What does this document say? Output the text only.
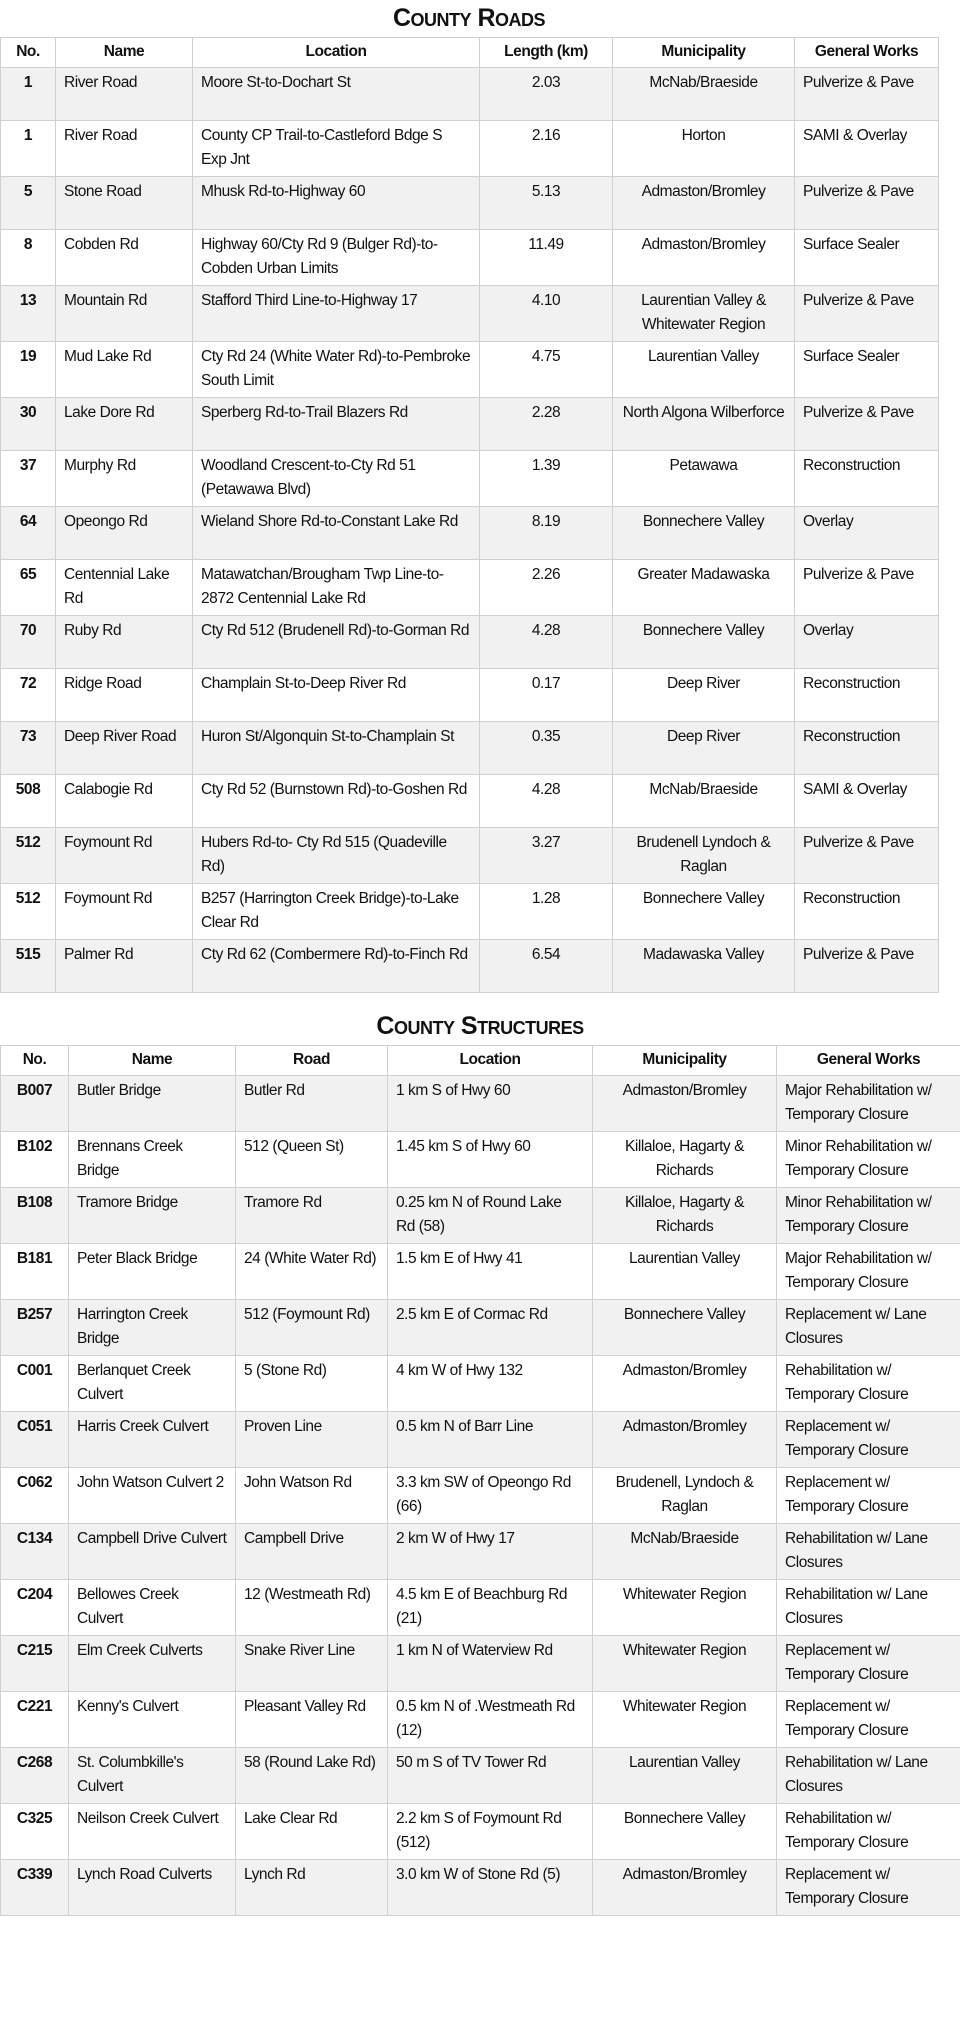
County Roads
No.	Name	Location	Length (km)	Municipality	General Works
1	River Road	Moore St-to-Dochart St	2.03	McNab/Braeside	Pulverize & Pave
1	River Road	County CP Trail-to-Castleford Bdge S Exp Jnt	2.16	Horton	SAMI & Overlay
5	Stone Road	Mhusk Rd-to-Highway 60	5.13	Admaston/Bromley	Pulverize & Pave
8	Cobden Rd	Highway 60/Cty Rd 9 (Bulger Rd)-to-Cobden Urban Limits	11.49	Admaston/Bromley	Surface Sealer
13	Mountain Rd	Stafford Third Line-to-Highway 17	4.10	Laurentian Valley & Whitewater Region	Pulverize & Pave
19	Mud Lake Rd	Cty Rd 24 (White Water Rd)-to-Pembroke South Limit	4.75	Laurentian Valley	Surface Sealer
30	Lake Dore Rd	Sperberg Rd-to-Trail Blazers Rd	2.28	North Algona Wilberforce	Pulverize & Pave
37	Murphy Rd	Woodland Crescent-to-Cty Rd 51 (Petawawa Blvd)	1.39	Petawawa	Reconstruction
64	Opeongo Rd	Wieland Shore Rd-to-Constant Lake Rd	8.19	Bonnechere Valley	Overlay
65	Centennial Lake Rd	Matawatchan/Brougham Twp Line-to-2872 Centennial Lake Rd	2.26	Greater Madawaska	Pulverize & Pave
70	Ruby Rd	Cty Rd 512 (Brudenell Rd)-to-Gorman Rd	4.28	Bonnechere Valley	Overlay
72	Ridge Road	Champlain St-to-Deep River Rd	0.17	Deep River	Reconstruction
73	Deep River Road	Huron St/Algonquin St-to-Champlain St	0.35	Deep River	Reconstruction
508	Calabogie Rd	Cty Rd 52 (Burnstown Rd)-to-Goshen Rd	4.28	McNab/Braeside	SAMI & Overlay
512	Foymount Rd	Hubers Rd-to- Cty Rd 515 (Quadeville Rd)	3.27	Brudenell Lyndoch & Raglan	Pulverize & Pave
512	Foymount Rd	B257 (Harrington Creek Bridge)-to-Lake Clear Rd	1.28	Bonnechere Valley	Reconstruction
515	Palmer Rd	Cty Rd 62 (Combermere Rd)-to-Finch Rd	6.54	Madawaska Valley	Pulverize & Pave
County Structures
No.	Name	Road	Location	Municipality	General Works
B007	Butler Bridge	Butler Rd	1 km S of Hwy 60	Admaston/Bromley	Major Rehabilitation w/ Temporary Closure
B102	Brennans Creek Bridge	512 (Queen St)	1.45 km S of Hwy 60	Killaloe, Hagarty & Richards	Minor Rehabilitation w/ Temporary Closure
B108	Tramore Bridge	Tramore Rd	0.25 km N of Round Lake Rd (58)	Killaloe, Hagarty & Richards	Minor Rehabilitation w/ Temporary Closure
B181	Peter Black Bridge	24 (White Water Rd)	1.5 km E of Hwy 41	Laurentian Valley	Major Rehabilitation w/ Temporary Closure
B257	Harrington Creek Bridge	512 (Foymount Rd)	2.5 km E of Cormac Rd	Bonnechere Valley	Replacement w/ Lane Closures
C001	Berlanquet Creek Culvert	5 (Stone Rd)	4 km W of Hwy 132	Admaston/Bromley	Rehabilitation w/ Temporary Closure
C051	Harris Creek Culvert	Proven Line	0.5 km N of Barr Line	Admaston/Bromley	Replacement w/ Temporary Closure
C062	John Watson Culvert 2	John Watson Rd	3.3 km SW of Opeongo Rd (66)	Brudenell, Lyndoch & Raglan	Replacement w/ Temporary Closure
C134	Campbell Drive Culvert	Campbell Drive	2 km W of Hwy 17	McNab/Braeside	Rehabilitation w/ Lane Closures
C204	Bellowes Creek Culvert	12 (Westmeath Rd)	4.5 km E of Beachburg Rd (21)	Whitewater Region	Rehabilitation w/ Lane Closures
C215	Elm Creek Culverts	Snake River Line	1 km N of Waterview Rd	Whitewater Region	Replacement w/ Temporary Closure
C221	Kenny's Culvert	Pleasant Valley Rd	0.5 km N of .Westmeath Rd (12)	Whitewater Region	Replacement w/ Temporary Closure
C268	St. Columbkille's Culvert	58 (Round Lake Rd)	50 m S of TV Tower Rd	Laurentian Valley	Rehabilitation w/ Lane Closures
C325	Neilson Creek Culvert	Lake Clear Rd	2.2 km S of Foymount Rd (512)	Bonnechere Valley	Rehabilitation w/ Temporary Closure
C339	Lynch Road Culverts	Lynch Rd	3.0 km W of Stone Rd (5)	Admaston/Bromley	Replacement w/ Temporary Closure
